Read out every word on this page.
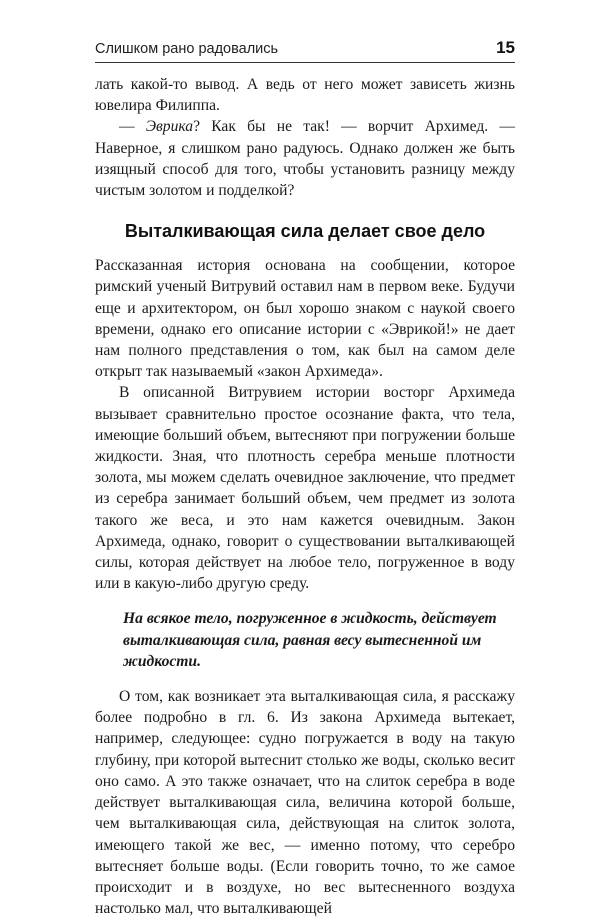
Слишком рано радовались	15

лать какой-то вывод. А ведь от него может зависеть жизнь ювелира Филиппа.

— Эврика? Как бы не так! — ворчит Архимед. — Наверное, я слишком рано радуюсь. Однако должен же быть изящный способ для того, чтобы установить разницу между чистым золотом и подделкой?

Выталкивающая сила делает свое дело

Рассказанная история основана на сообщении, которое римский ученый Витрувий оставил нам в первом веке. Будучи еще и архитектором, он был хорошо знаком с наукой своего времени, однако его описание истории с «Эврикой!» не дает нам полного представления о том, как был на самом деле открыт так называемый «закон Архимеда».

В описанной Витрувием истории восторг Архимеда вызывает сравнительно простое осознание факта, что тела, имеющие больший объем, вытесняют при погружении больше жидкости. Зная, что плотность серебра меньше плотности золота, мы можем сделать очевидное заключение, что предмет из серебра занимает больший объем, чем предмет из золота такого же веса, и это нам кажется очевидным. Закон Архимеда, однако, говорит о существовании выталкивающей силы, которая действует на любое тело, погруженное в воду или в какую-либо другую среду.

На всякое тело, погруженное в жидкость, действует выталкивающая сила, равная весу вытесненной им жидкости.

О том, как возникает эта выталкивающая сила, я расскажу более подробно в гл. 6. Из закона Архимеда вытекает, например, следующее: судно погружается в воду на такую глубину, при которой вытеснит столько же воды, сколько весит оно само. А это также означает, что на слиток серебра в воде действует выталкивающая сила, величина которой больше, чем выталкивающая сила, действующая на слиток золота, имеющего такой же вес, — именно потому, что серебро вытесняет больше воды. (Если говорить точно, то же самое происходит и в воздухе, но вес вытесненного воздуха настолько мал, что выталкивающей
